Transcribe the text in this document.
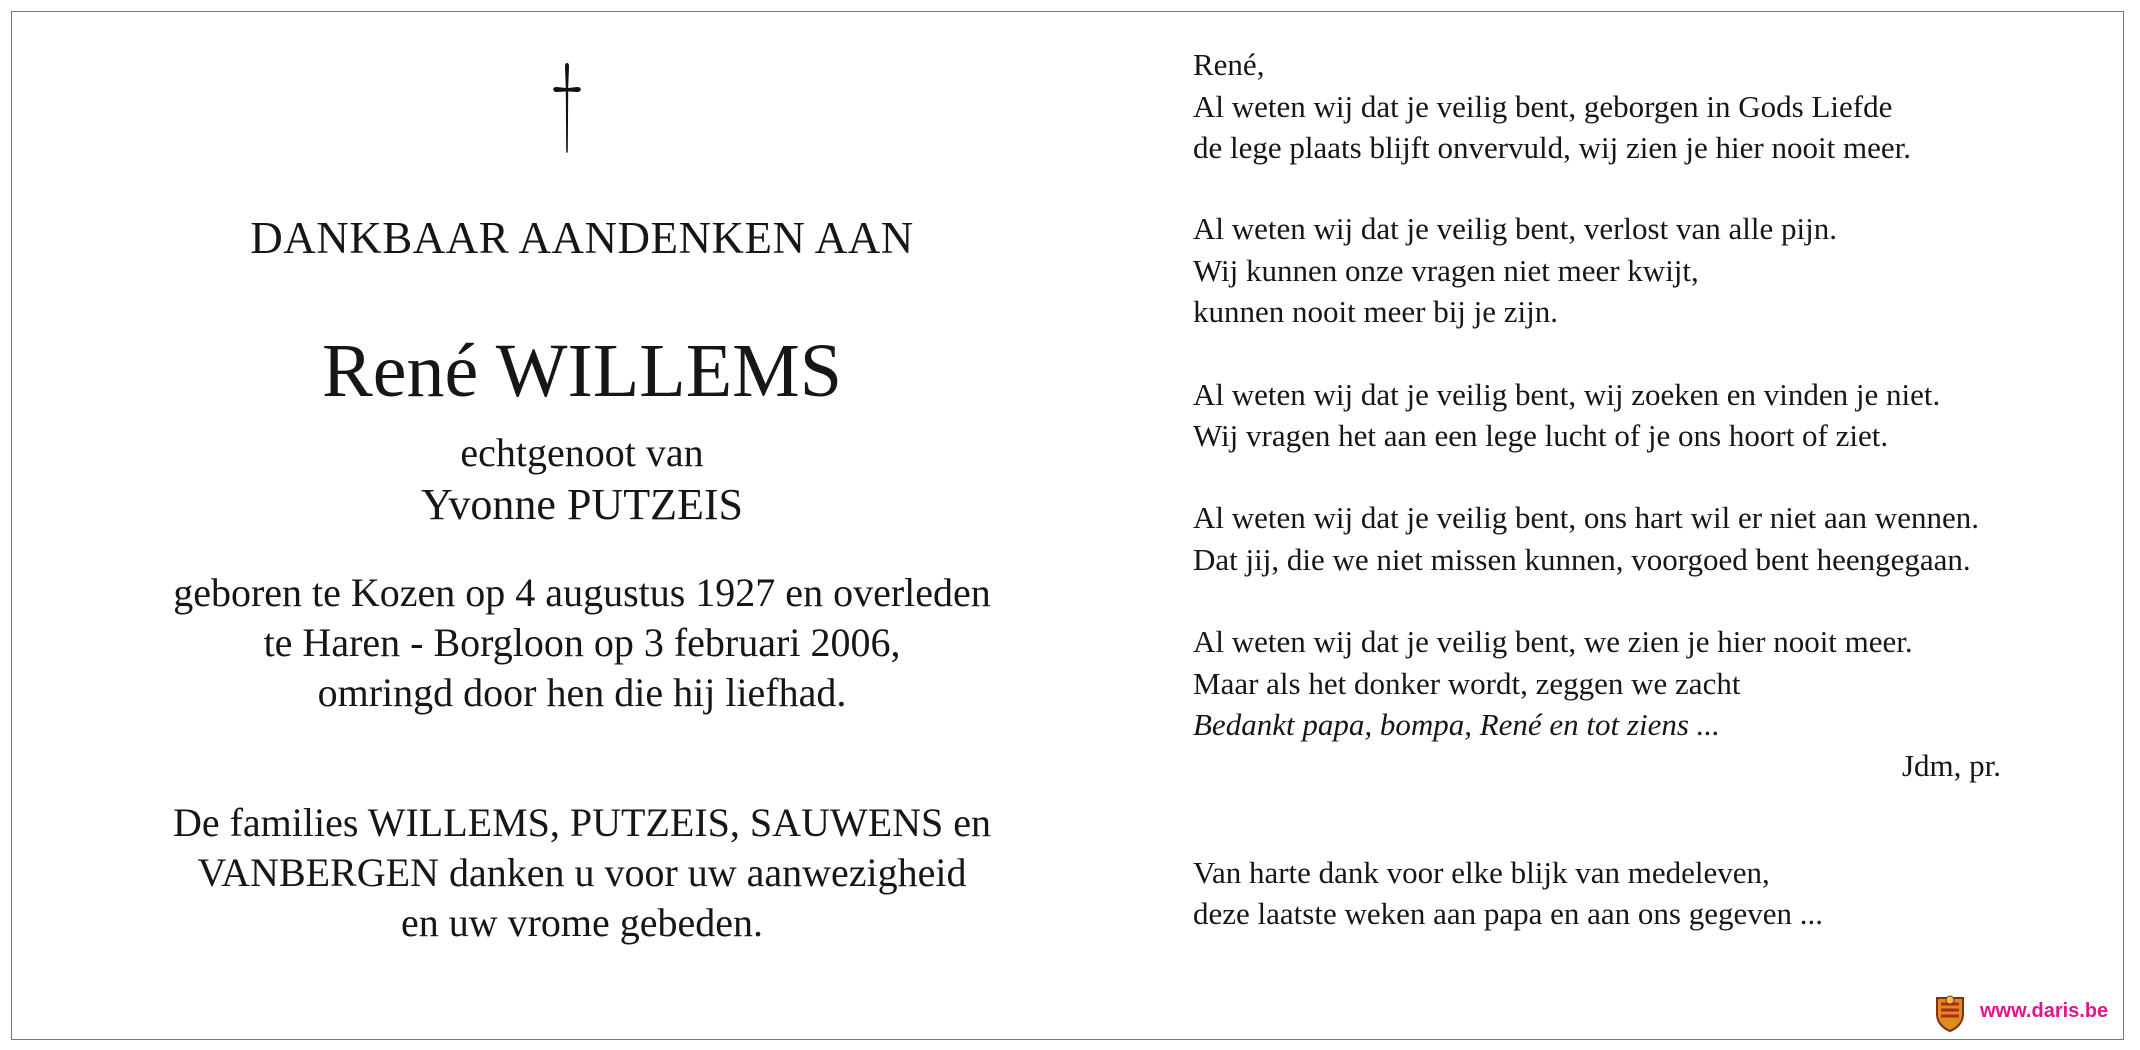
DANKBAAR AANDENKEN AAN
René WILLEMS
echtgenoot van
Yvonne PUTZEIS
geboren te Kozen op 4 augustus 1927 en overleden
te Haren - Borgloon op 3 februari 2006,
omringd door hen die hij liefhad.
De families WILLEMS, PUTZEIS, SAUWENS en
VANBERGEN danken u voor uw aanwezigheid
en uw vrome gebeden.
René,
Al weten wij dat je veilig bent, geborgen in Gods Liefde
de lege plaats blijft onvervuld, wij zien je hier nooit meer.
Al weten wij dat je veilig bent, verlost van alle pijn.
Wij kunnen onze vragen niet meer kwijt,
kunnen nooit meer bij je zijn.
Al weten wij dat je veilig bent, wij zoeken en vinden je niet.
Wij vragen het aan een lege lucht of je ons hoort of ziet.
Al weten wij dat je veilig bent, ons hart wil er niet aan wennen.
Dat jij, die we niet missen kunnen, voorgoed bent heengegaan.
Al weten wij dat je veilig bent, we zien je hier nooit meer.
Maar als het donker wordt, zeggen we zacht
Bedankt papa, bompa, René en tot ziens ...
Jdm, pr.
Van harte dank voor elke blijk van medeleven,
deze laatste weken aan papa en aan ons gegeven ...
www.daris.be
